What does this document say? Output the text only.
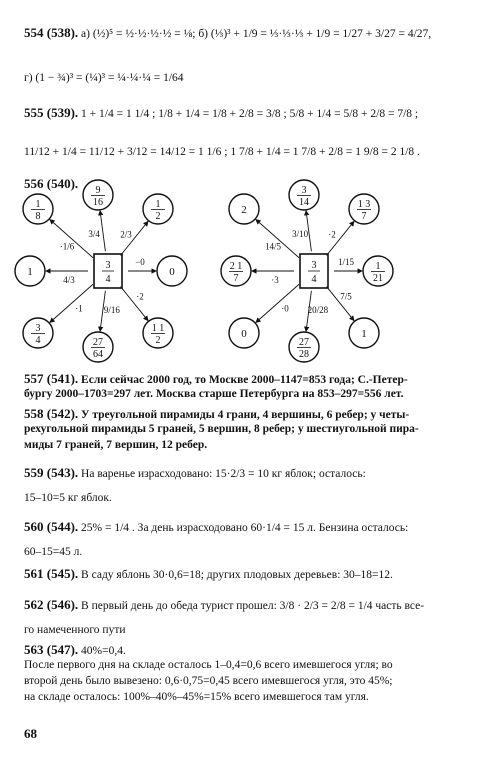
554 (538). а) (½)⁵ = ½·½·½·½ = ⅛; б) (⅓)³ + 1/9 = ⅓·⅓·⅓ + 1/9 = 1/27 + 3/27 = 4/27,
г) (1 − ¾)³ = (¼)³ = ¼·¼·¼ = 1/64
555 (539). 1 + 1/4 = 1 1/4 ; 1/8 + 1/4 = 1/8 + 2/8 = 3/8 ; 5/8 + 1/4 = 5/8 + 2/8 = 7/8 ;
11/12 + 1/4 = 11/12 + 3/12 = 14/12 = 1 1/6 ; 1 7/8 + 1/4 = 1 7/8 + 2/8 = 1 9/8 = 2 1/8 .
556 (540).
3
4
1
8
·1/6
9
16
3/4
1
2
2/3
1
4/3
0
−0
3
4
·1
27
64
9/16
1 1
2
·2
3
4
2
14/5
3
14
3/10
1 3
7
·2
2 1
7	·3
1
21
1/15
0
·0
27
28
20/28
1
7/5
557 (541). Если сейчас 2000 год, то Москве 2000–1147=853 года; С.-Петер-
бургу 2000–1703=297 лет. Москва старше Петербурга на 853–297=556 лет.
558 (542). У треугольной пирамиды 4 грани, 4 вершины, 6 ребер; у четы-
рехугольной пирамиды 5 граней, 5 вершин, 8 ребер; у шестиугольной пира-
миды 7 граней, 7 вершин, 12 ребер.
559 (543). На варенье израсходовано: 15·2/3 = 10 кг яблок; осталось:
15–10=5 кг яблок.
560 (544). 25% = 1/4 . За день израсходовано 60·1/4 = 15 л. Бензина осталось:
60–15=45 л.
561 (545). В саду яблонь 30·0,6=18; других плодовых деревьев: 30–18=12.
562 (546). В первый день до обеда турист прошел: 3/8 · 2/3 = 2/8 = 1/4 часть все-
го намеченного пути
563 (547). 40%=0,4.
После первого дня на складе осталось 1–0,4=0,6 всего имевшегося угля; во
второй день было вывезено: 0,6·0,75=0,45 всего имевшегося угля, это 45%;
на складе осталось: 100%–40%–45%=15% всего имевшегося там угля.
68
